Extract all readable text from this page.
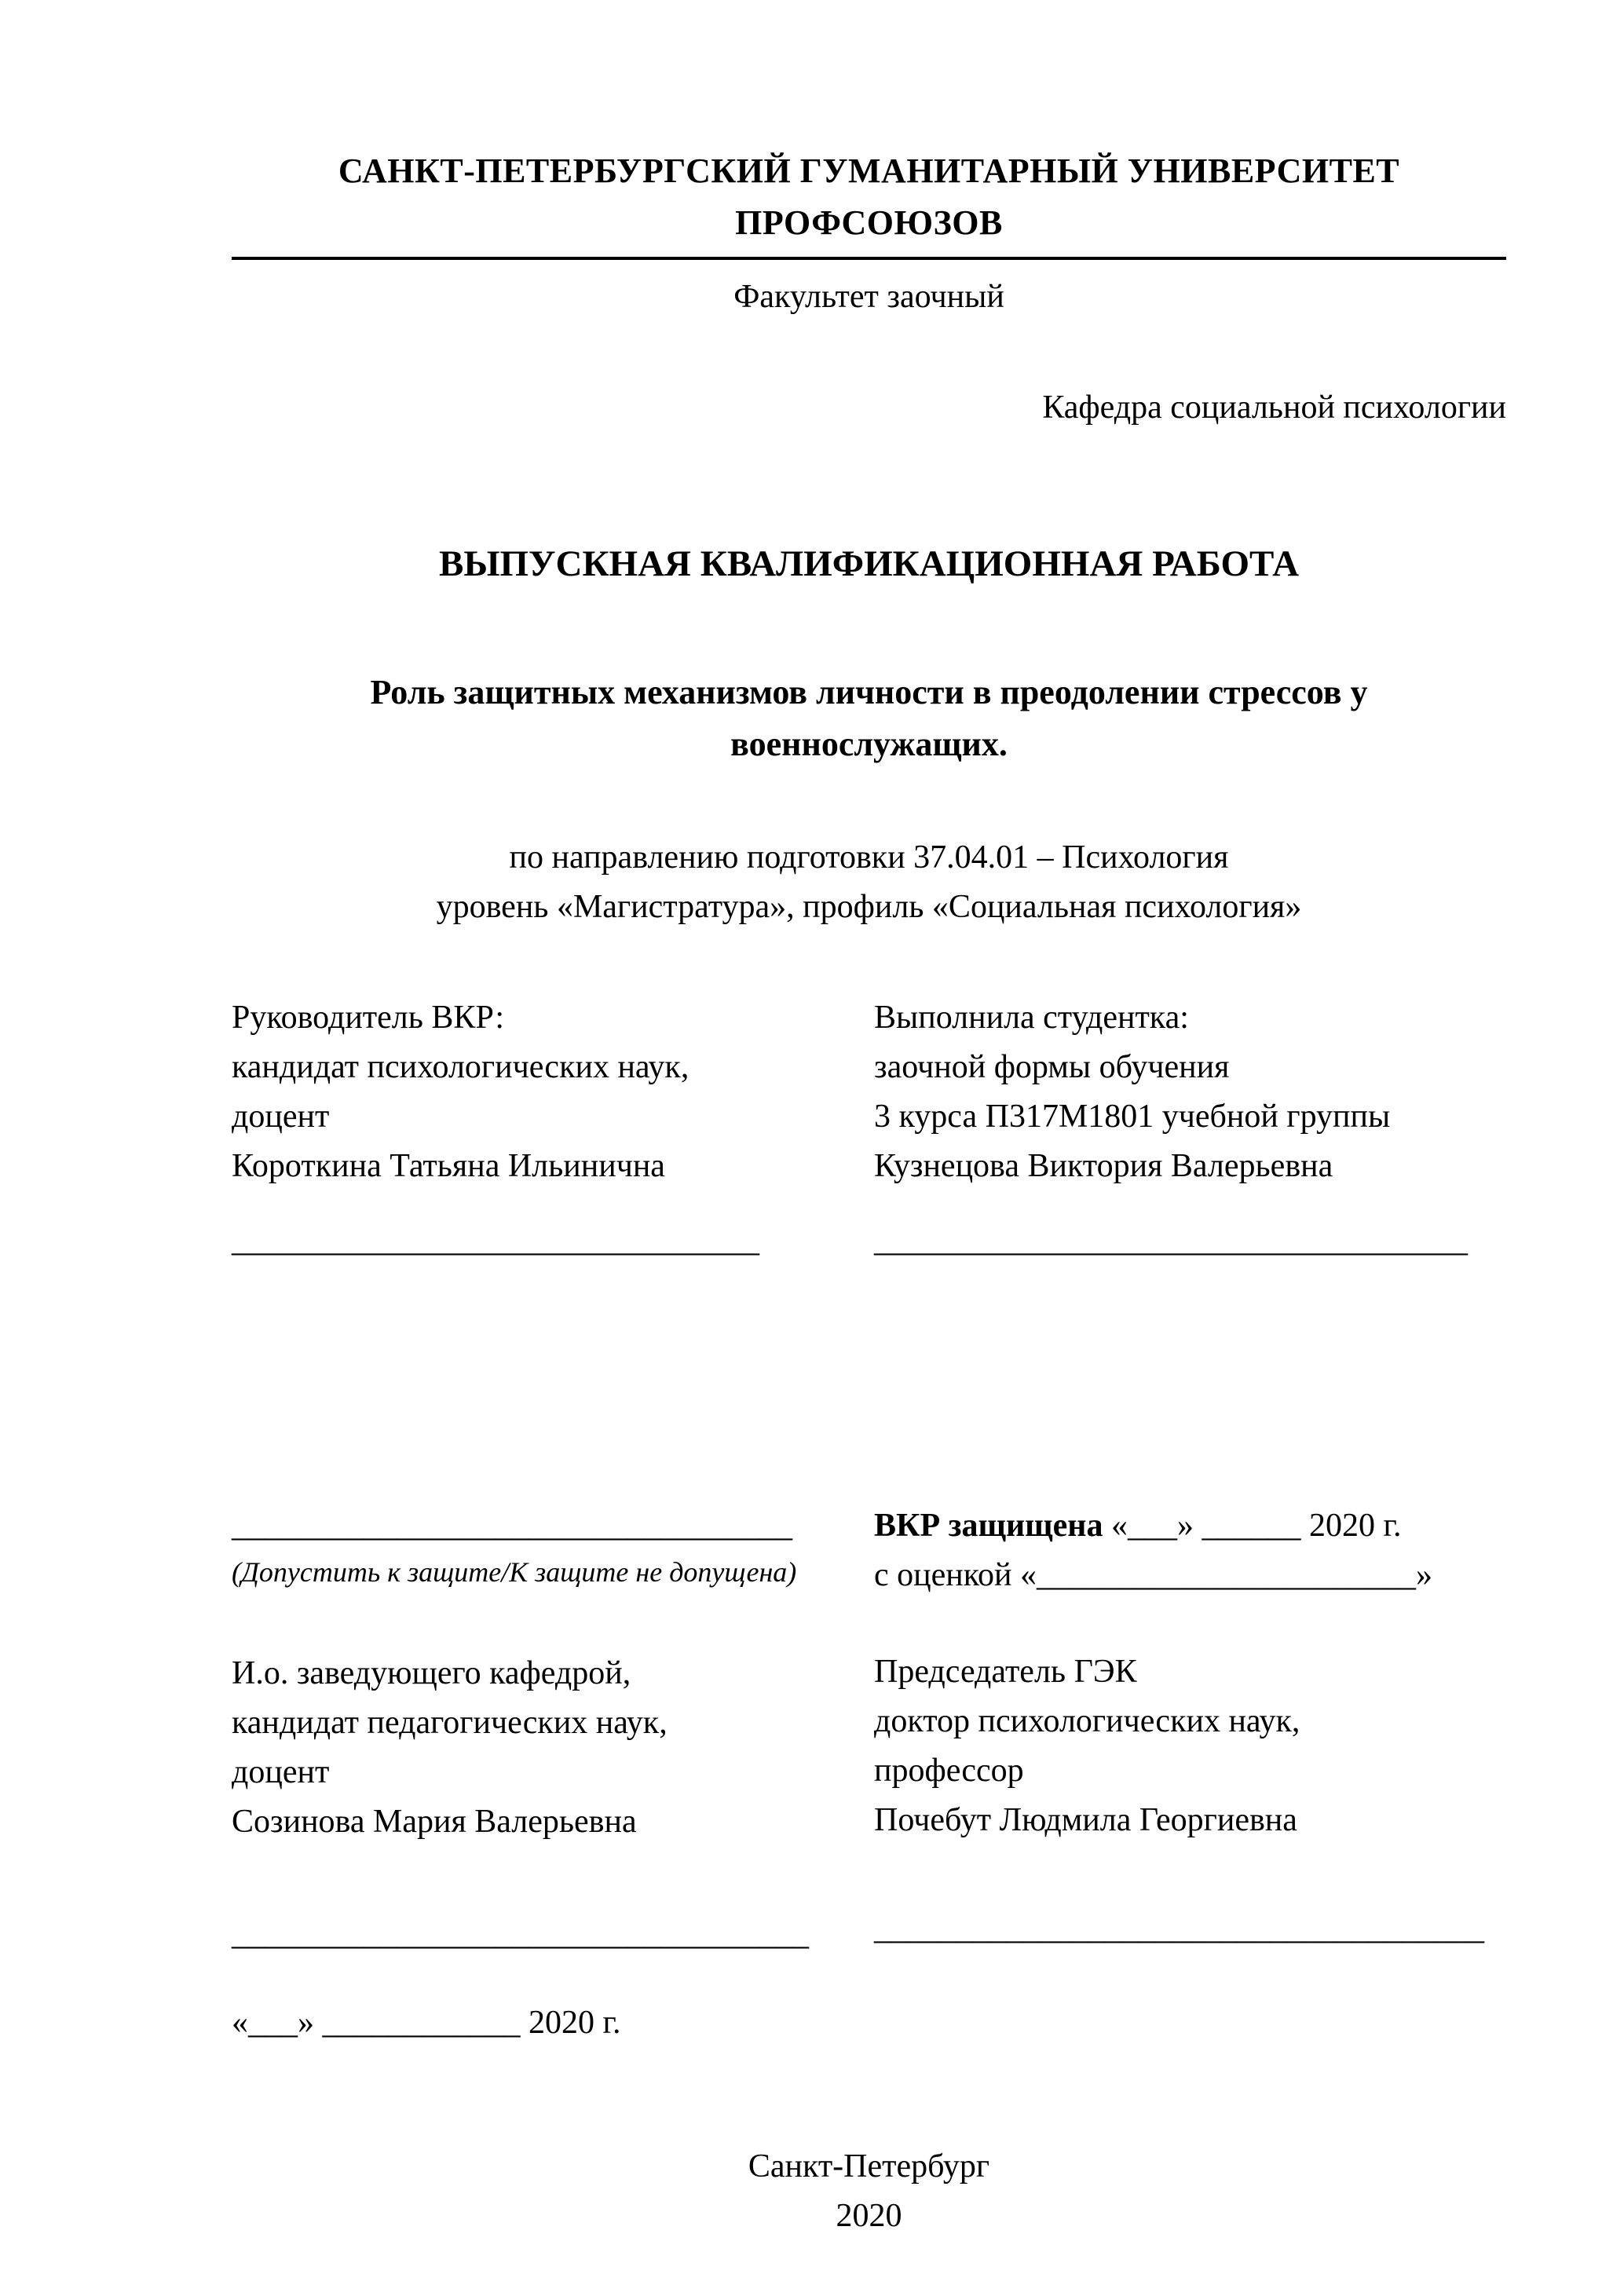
САНКТ-ПЕТЕРБУРГСКИЙ ГУМАНИТАРНЫЙ УНИВЕРСИТЕТ ПРОФСОЮЗОВ
Факультет заочный
Кафедра социальной психологии
ВЫПУСКНАЯ КВАЛИФИКАЦИОННАЯ РАБОТА
Роль защитных механизмов личности в преодолении стрессов у
военнослужащих.
по направлению подготовки 37.04.01 – Психология
уровень «Магистратура», профиль «Социальная психология»
Руководитель ВКР:
кандидат психологических наук,
доцент
Короткина Татьяна Ильинична
________________________________
Выполнила студентка:
заочной формы обучения
3 курса П317М1801 учебной группы
Кузнецова Виктория Валерьевна
____________________________________
__________________________________
(Допустить к защите/К защите не допущена)
И.о. заведующего кафедрой,
кандидат педагогических наук,
доцент
Созинова Мария Валерьевна
___________________________________
«___» ____________ 2020 г.
ВКР защищена «___» ______ 2020 г.
с оценкой «_______________________»
Председатель ГЭК
доктор психологических наук,
профессор
Почебут Людмила Георгиевна
_____________________________________
Санкт-Петербург
2020
